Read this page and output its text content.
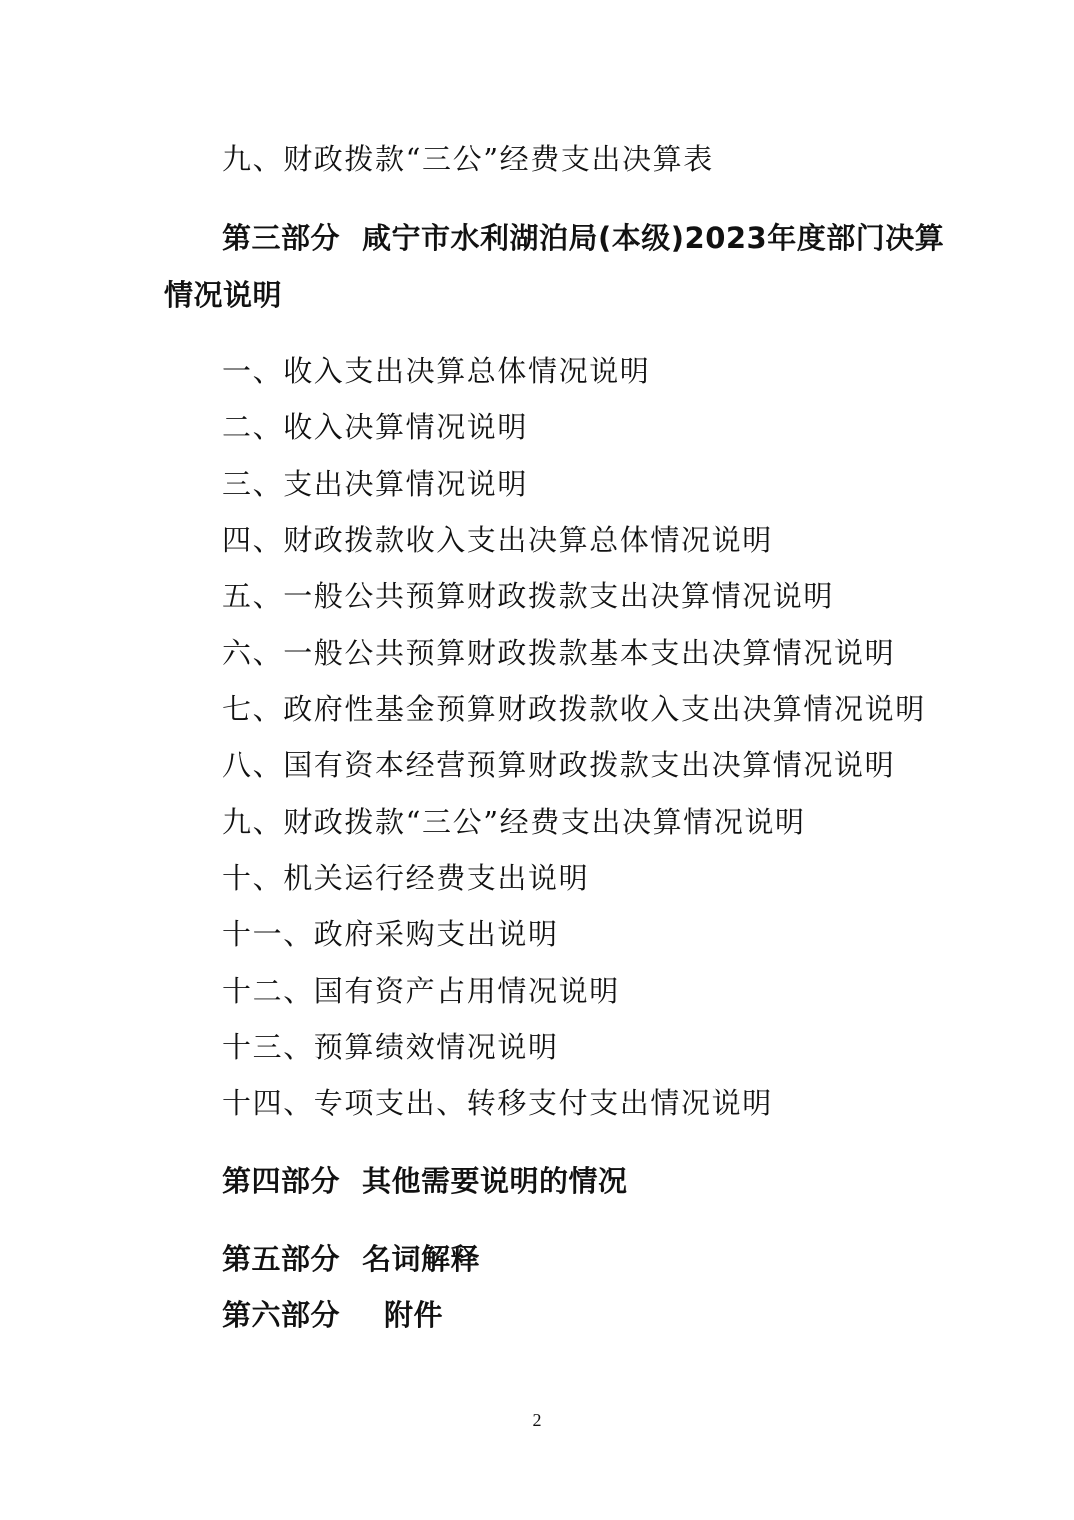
九、财政拨款“三公”经费支出决算表
第三部分 咸宁市水利湖泊局(本级)2023年度部门决算
情况说明
一、收入支出决算总体情况说明
二、收入决算情况说明
三、支出决算情况说明
四、财政拨款收入支出决算总体情况说明
五、一般公共预算财政拨款支出决算情况说明
六、一般公共预算财政拨款基本支出决算情况说明
七、政府性基金预算财政拨款收入支出决算情况说明
八、国有资本经营预算财政拨款支出决算情况说明
九、财政拨款“三公”经费支出决算情况说明
十、机关运行经费支出说明
十一、政府采购支出说明
十二、国有资产占用情况说明
十三、预算绩效情况说明
十四、专项支出、转移支付支出情况说明
第四部分 其他需要说明的情况
第五部分 名词解释
第六部分 附件
2
